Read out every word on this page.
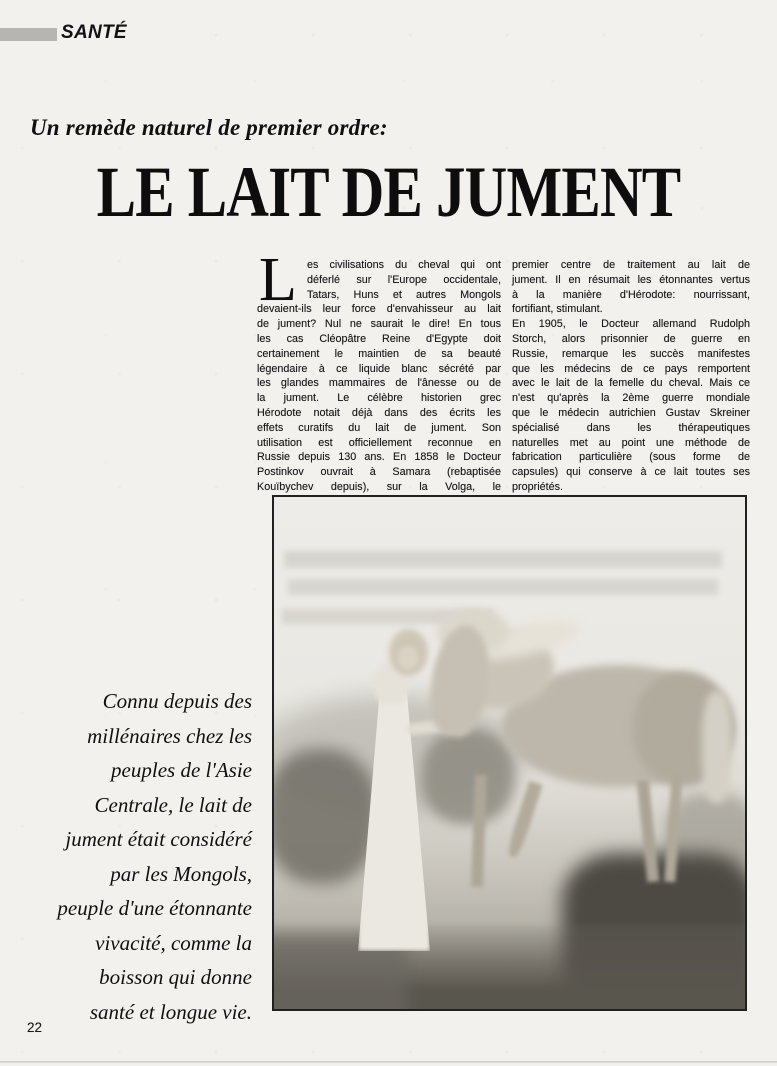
SANTÉ
Un remède naturel de premier ordre:
LE LAIT DE JUMENT
L es civilisations du cheval qui ont
déferlé sur l'Europe occidentale,
Tatars, Huns et autres Mongols
devaient-ils leur force d'envahisseur au lait
de jument? Nul ne saurait le dire! En tous
les cas Cléopâtre Reine d'Egypte doit
certainement le maintien de sa beauté
légendaire à ce liquide blanc sécrété par
les glandes mammaires de l'ânesse ou de
la jument. Le célèbre historien grec
Hérodote notait déjà dans des écrits les
effets curatifs du lait de jument. Son
utilisation est officiellement reconnue en
Russie depuis 130 ans. En 1858 le Docteur
Postinkov ouvrait à Samara (rebaptisée
Kouïbychev depuis), sur la Volga, le
premier centre de traitement au lait de
jument. Il en résumait les étonnantes vertus
à la manière d'Hérodote: nourrissant,
fortifiant, stimulant.
En 1905, le Docteur allemand Rudolph
Storch, alors prisonnier de guerre en
Russie, remarque les succès manifestes
que les médecins de ce pays remportent
avec le lait de la femelle du cheval. Mais ce
n'est qu'après la 2ème guerre mondiale
que le médecin autrichien Gustav Skreiner
spécialisé dans les thérapeutiques
naturelles met au point une méthode de
fabrication particulière (sous forme de
capsules) qui conserve à ce lait toutes ses
propriétés.
Connu depuis des
millénaires chez les
peuples de l'Asie
Centrale, le lait de
jument était considéré
par les Mongols,
peuple d'une étonnante
vivacité, comme la
boisson qui donne
santé et longue vie.
22
